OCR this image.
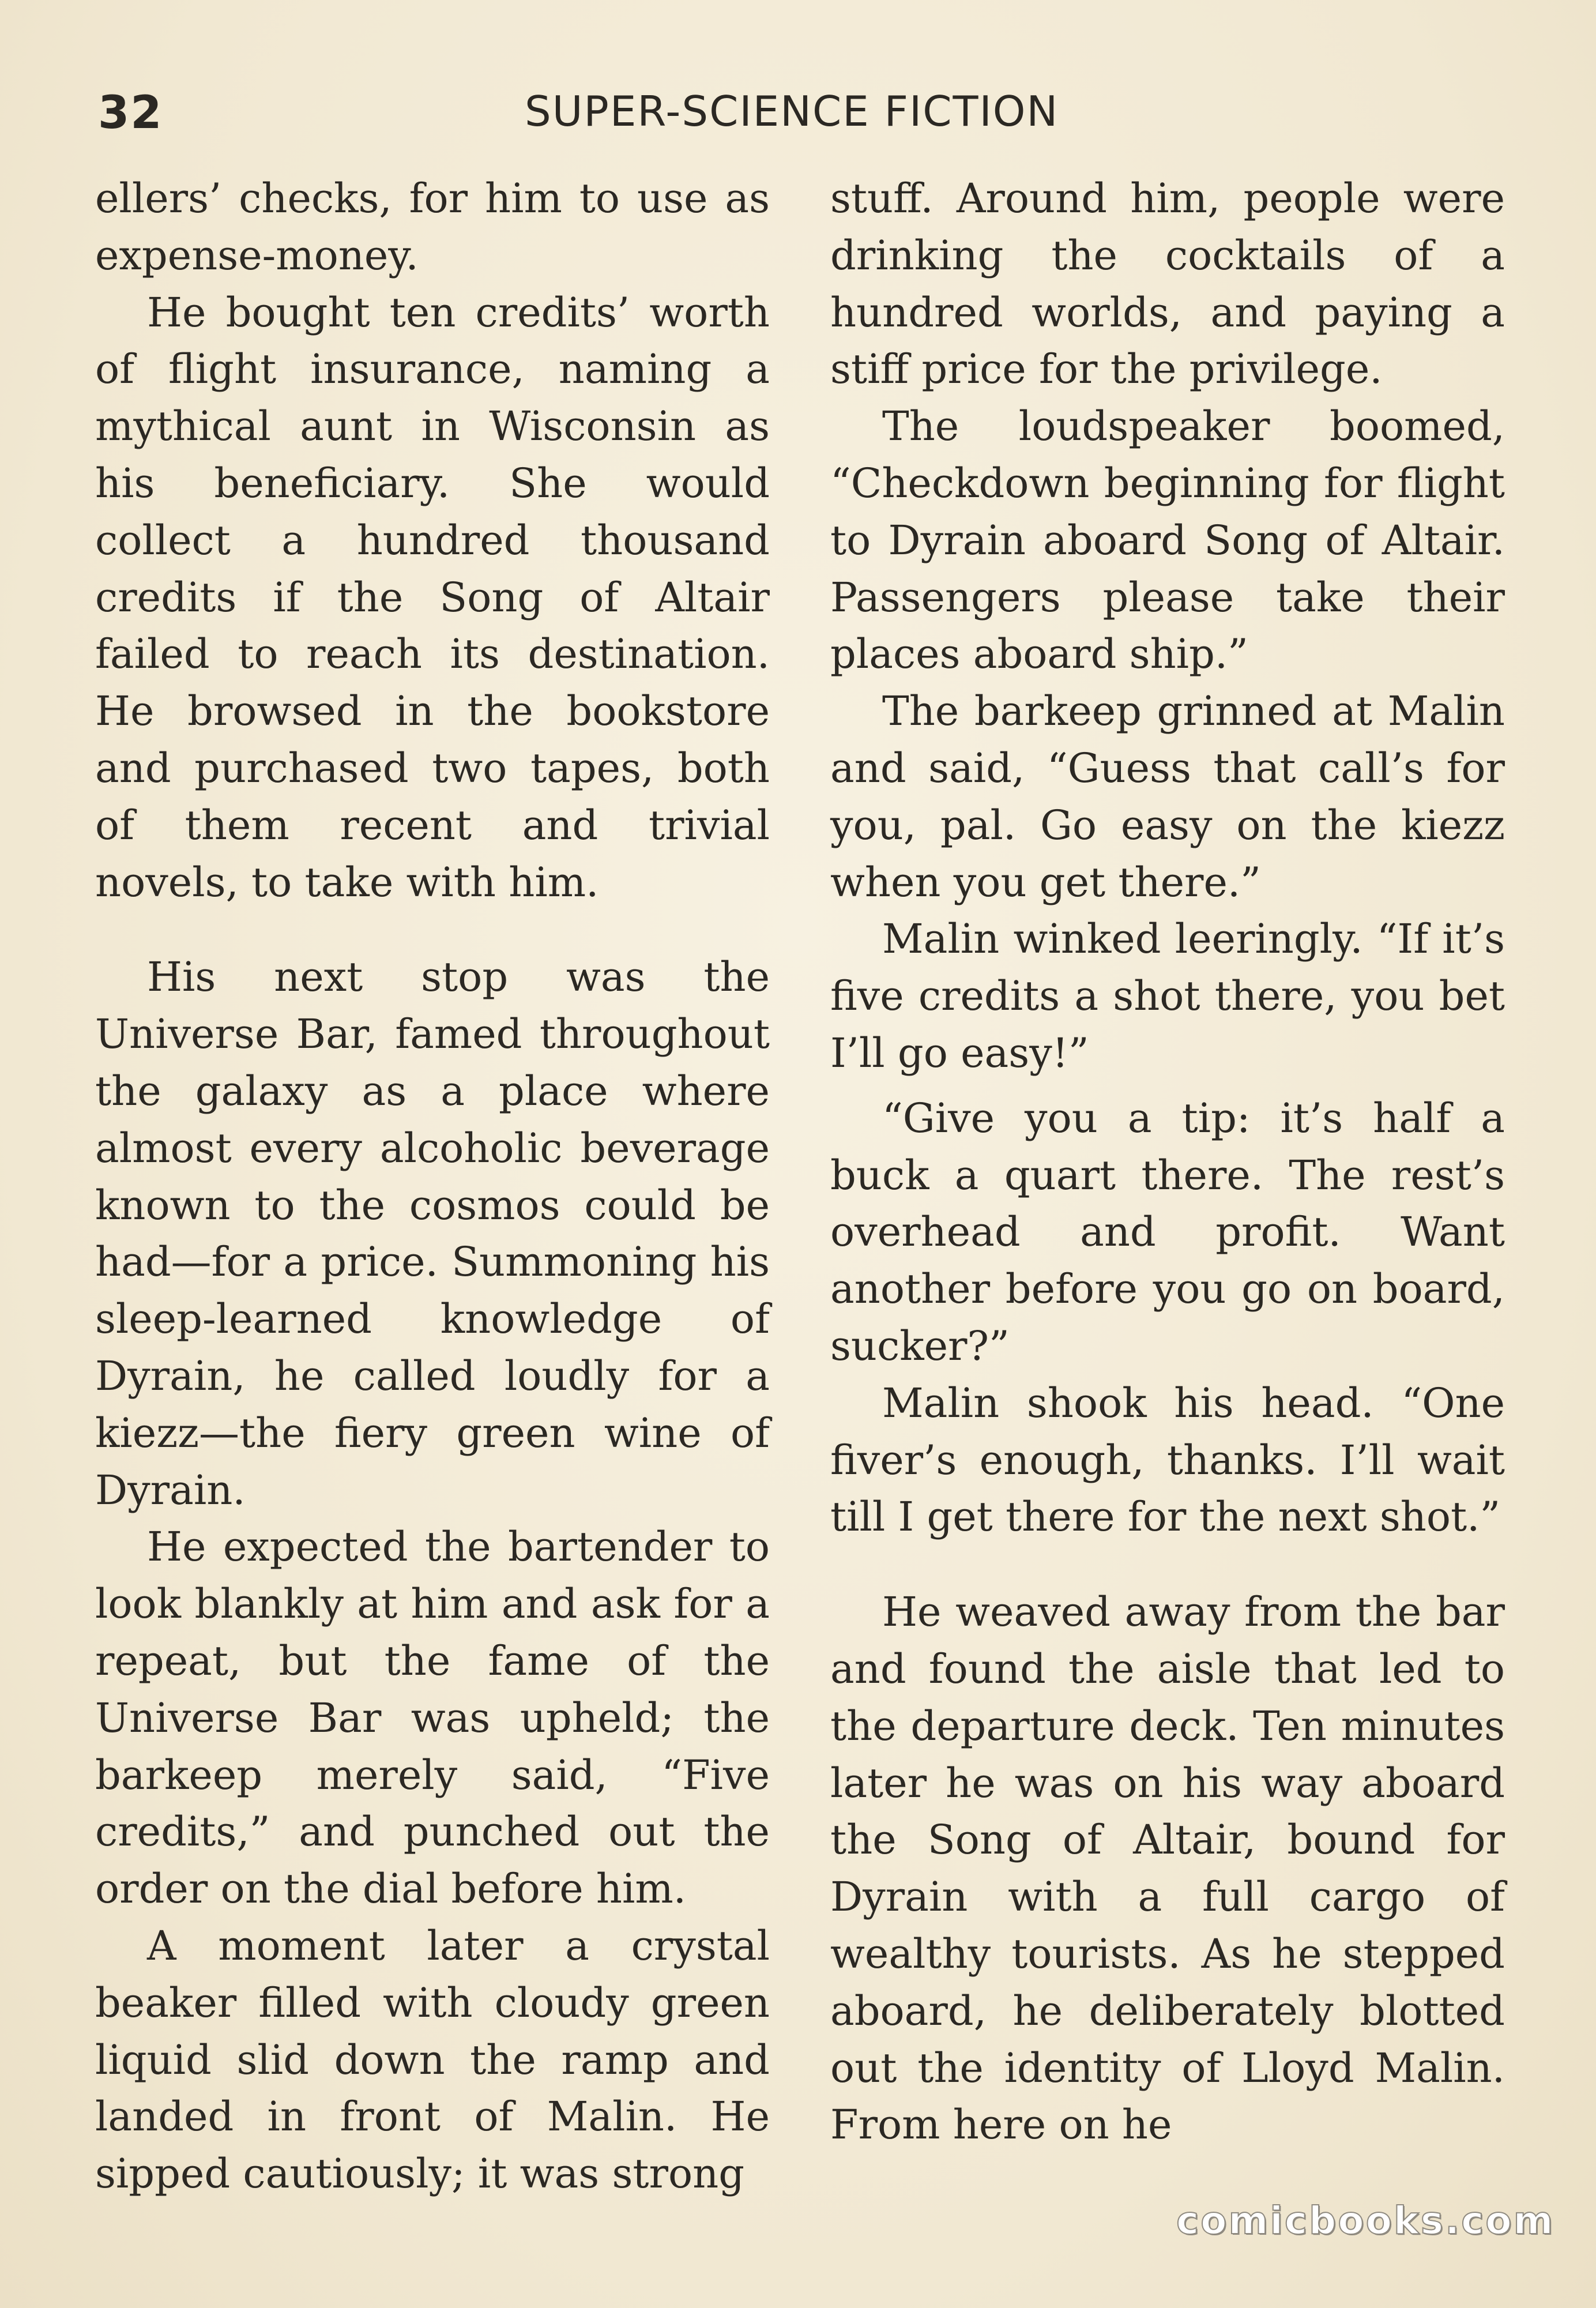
32	SUPER-SCIENCE FICTION

ellers’ checks, for him to use as expense-money.

He bought ten credits’ worth of flight insurance, naming a mythical aunt in Wisconsin as his beneficiary. She would collect a hundred thousand credits if the Song of Altair failed to reach its destination. He browsed in the bookstore and purchased two tapes, both of them recent and trivial novels, to take with him.

His next stop was the Universe Bar, famed throughout the galaxy as a place where almost every alcoholic beverage known to the cosmos could be had—for a price. Summoning his sleep-learned knowledge of Dyrain, he called loudly for a kiezz—the fiery green wine of Dyrain.

He expected the bartender to look blankly at him and ask for a repeat, but the fame of the Universe Bar was upheld; the barkeep merely said, “Five credits,” and punched out the order on the dial before him.

A moment later a crystal beaker filled with cloudy green liquid slid down the ramp and landed in front of Malin. He sipped cautiously; it was strong

stuff. Around him, people were drinking the cocktails of a hundred worlds, and paying a stiff price for the privilege.

The loudspeaker boomed, “Checkdown beginning for flight to Dyrain aboard Song of Altair. Passengers please take their places aboard ship.”

The barkeep grinned at Malin and said, “Guess that call’s for you, pal. Go easy on the kiezz when you get there.”

Malin winked leeringly. “If it’s five credits a shot there, you bet I’ll go easy!”

“Give you a tip: it’s half a buck a quart there. The rest’s overhead and profit. Want another before you go on board, sucker?”

Malin shook his head. “One fiver’s enough, thanks. I’ll wait till I get there for the next shot.”

He weaved away from the bar and found the aisle that led to the departure deck. Ten minutes later he was on his way aboard the Song of Altair, bound for Dyrain with a full cargo of wealthy tourists. As he stepped aboard, he deliberately blotted out the identity of Lloyd Malin. From here on he

comicbooks.com
